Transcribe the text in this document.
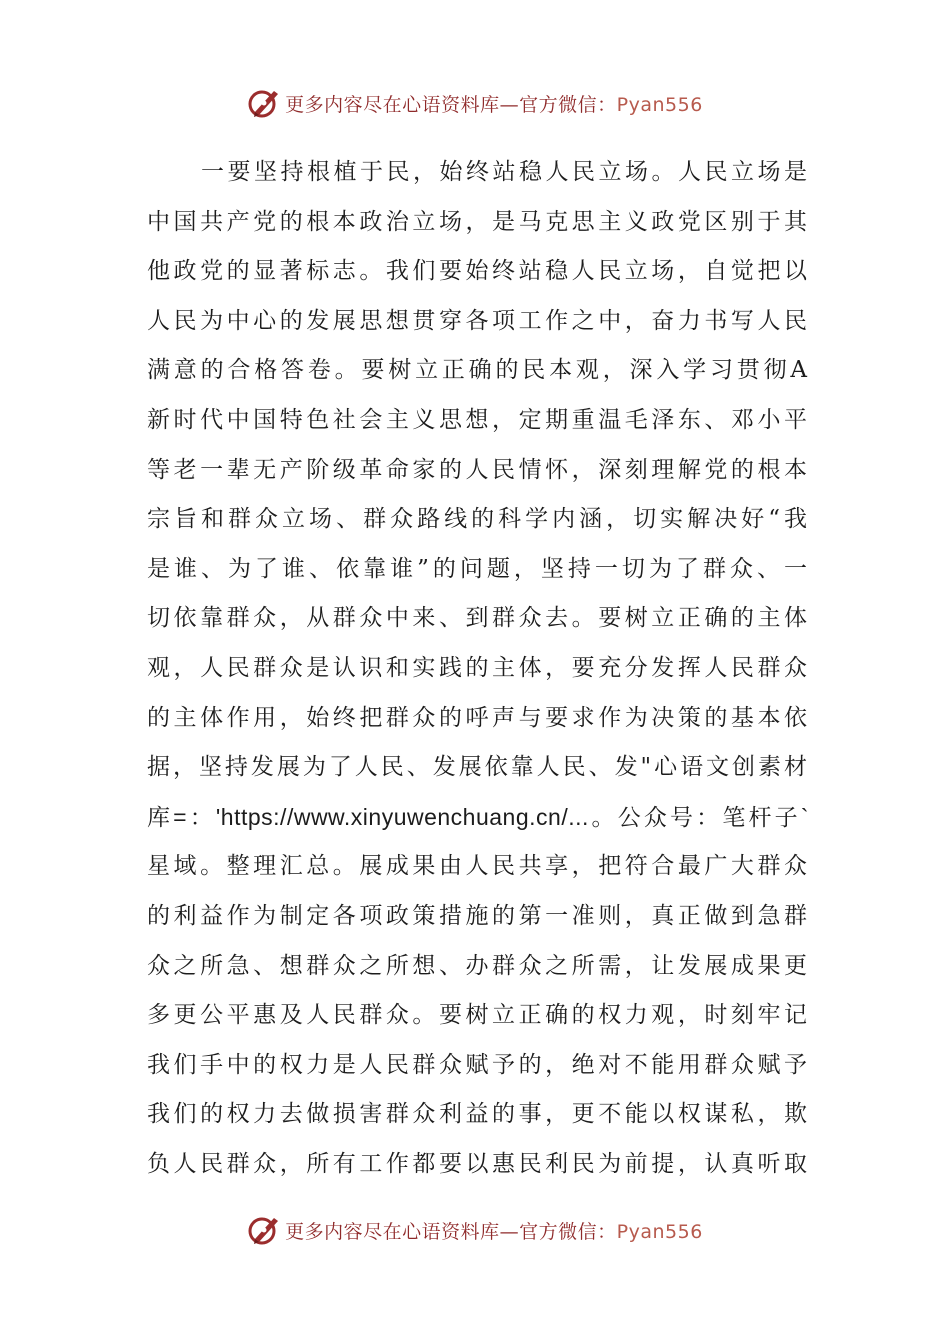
更多内容尽在心语资料库—官方微信：Pyan556
一要坚持根植于民，始终站稳人民立场。人民立场是
中国共产党的根本政治立场，是马克思主义政党区别于其
他政党的显著标志。我们要始终站稳人民立场，自觉把以
人民为中心的发展思想贯穿各项工作之中，奋力书写人民
满意的合格答卷。要树立正确的民本观，深入学习贯彻A
新时代中国特色社会主义思想，定期重温毛泽东、邓小平
等老一辈无产阶级革命家的人民情怀，深刻理解党的根本
宗旨和群众立场、群众路线的科学内涵，切实解决好“我
是谁、为了谁、依靠谁”的问题，坚持一切为了群众、一
切依靠群众，从群众中来、到群众去。要树立正确的主体
观，人民群众是认识和实践的主体，要充分发挥人民群众
的主体作用，始终把群众的呼声与要求作为决策的基本依
据，坚持发展为了人民、发展依靠人民、发"心语文创素材
库=：'https://www.xinyuwenchuang.cn/...。公众号：笔杆子`
星域。整理汇总。展成果由人民共享，把符合最广大群众
的利益作为制定各项政策措施的第一准则，真正做到急群
众之所急、想群众之所想、办群众之所需，让发展成果更
多更公平惠及人民群众。要树立正确的权力观，时刻牢记
我们手中的权力是人民群众赋予的，绝对不能用群众赋予
我们的权力去做损害群众利益的事，更不能以权谋私，欺
负人民群众，所有工作都要以惠民利民为前提，认真听取
更多内容尽在心语资料库—官方微信：Pyan556
